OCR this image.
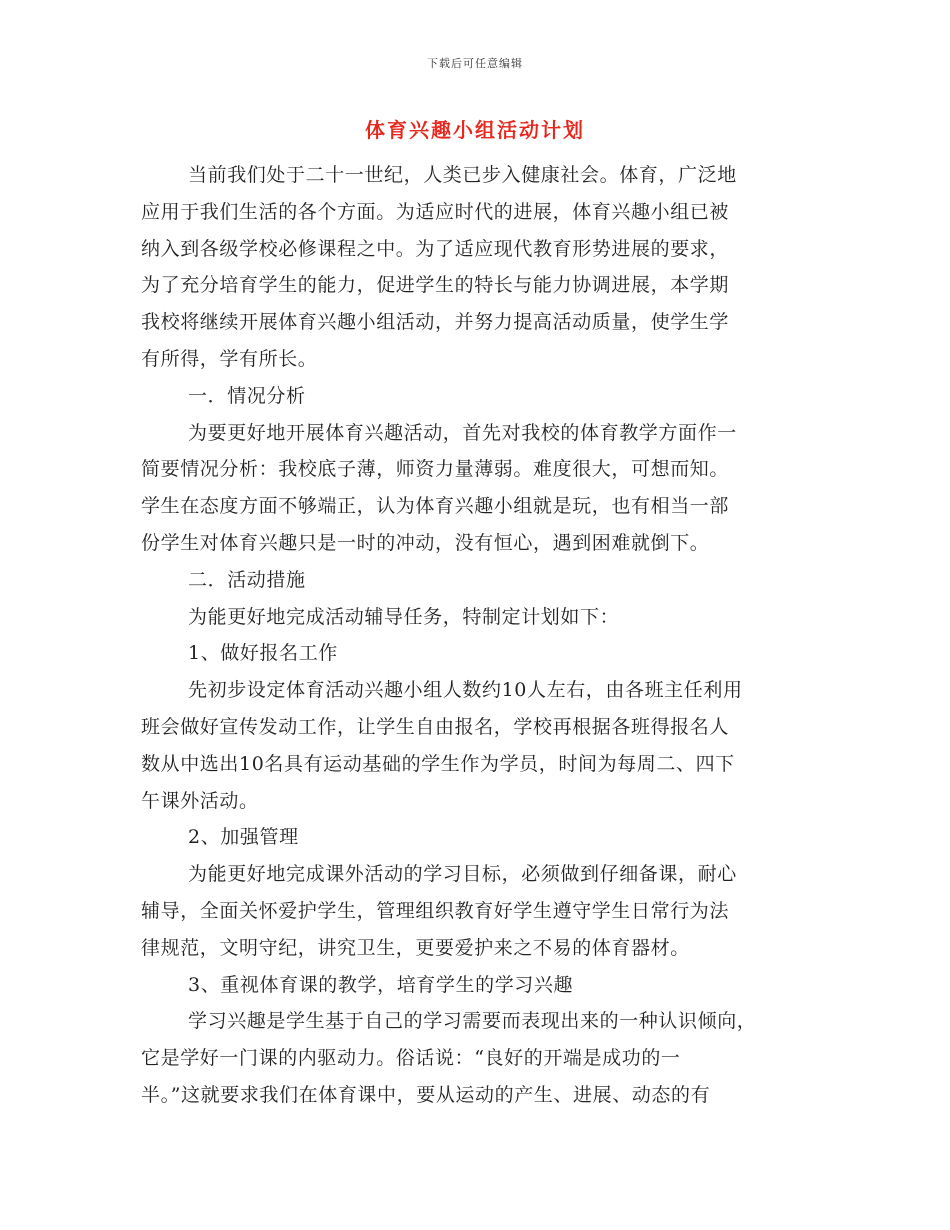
下载后可任意编辑
体育兴趣小组活动计划
当前我们处于二十一世纪，人类已步入健康社会。体育，广泛地
应用于我们生活的各个方面。为适应时代的进展，体育兴趣小组已被
纳入到各级学校必修课程之中。为了适应现代教育形势进展的要求，
为了充分培育学生的能力，促进学生的特长与能力协调进展，本学期
我校将继续开展体育兴趣小组活动，并努力提高活动质量，使学生学
有所得，学有所长。
一．情况分析
为要更好地开展体育兴趣活动，首先对我校的体育教学方面作一
简要情况分析：我校底子薄，师资力量薄弱。难度很大，可想而知。
学生在态度方面不够端正，认为体育兴趣小组就是玩，也有相当一部
份学生对体育兴趣只是一时的冲动，没有恒心，遇到困难就倒下。
二．活动措施
为能更好地完成活动辅导任务，特制定计划如下：
1、做好报名工作
先初步设定体育活动兴趣小组人数约10人左右，由各班主任利用
班会做好宣传发动工作，让学生自由报名，学校再根据各班得报名人
数从中选出10名具有运动基础的学生作为学员，时间为每周二、四下
午课外活动。
2、加强管理
为能更好地完成课外活动的学习目标，必须做到仔细备课，耐心
辅导，全面关怀爱护学生，管理组织教育好学生遵守学生日常行为法
律规范，文明守纪，讲究卫生，更要爱护来之不易的体育器材。
3、重视体育课的教学，培育学生的学习兴趣
学习兴趣是学生基于自己的学习需要而表现出来的一种认识倾向，
它是学好一门课的内驱动力。俗话说：“良好的开端是成功的一
半。”这就要求我们在体育课中，要从运动的产生、进展、动态的有
